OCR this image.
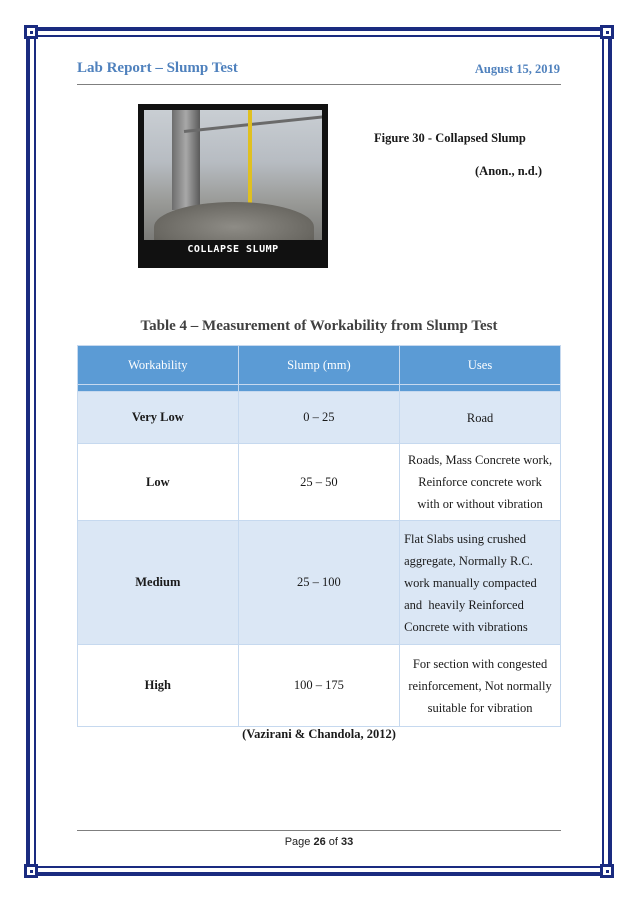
Lab Report – Slump Test	August 15, 2019
COLLAPSE SLUMP
Figure 30 - Collapsed Slump
(Anon., n.d.)
Table 4 – Measurement of Workability from Slump Test
Workability	Slump (mm)	Uses

Very Low	0 – 25	Road

Low	25 – 50	Roads, Mass Concrete work,
Reinforce concrete work
with or without vibration

Medium	25 – 100	Flat Slabs using crushed
aggregate, Normally R.C.
work manually compacted
and  heavily Reinforced
Concrete with vibrations

High	100 – 175	For section with congested
reinforcement, Not normally
suitable for vibration
(Vazirani & Chandola, 2012)
Page 26 of 33
